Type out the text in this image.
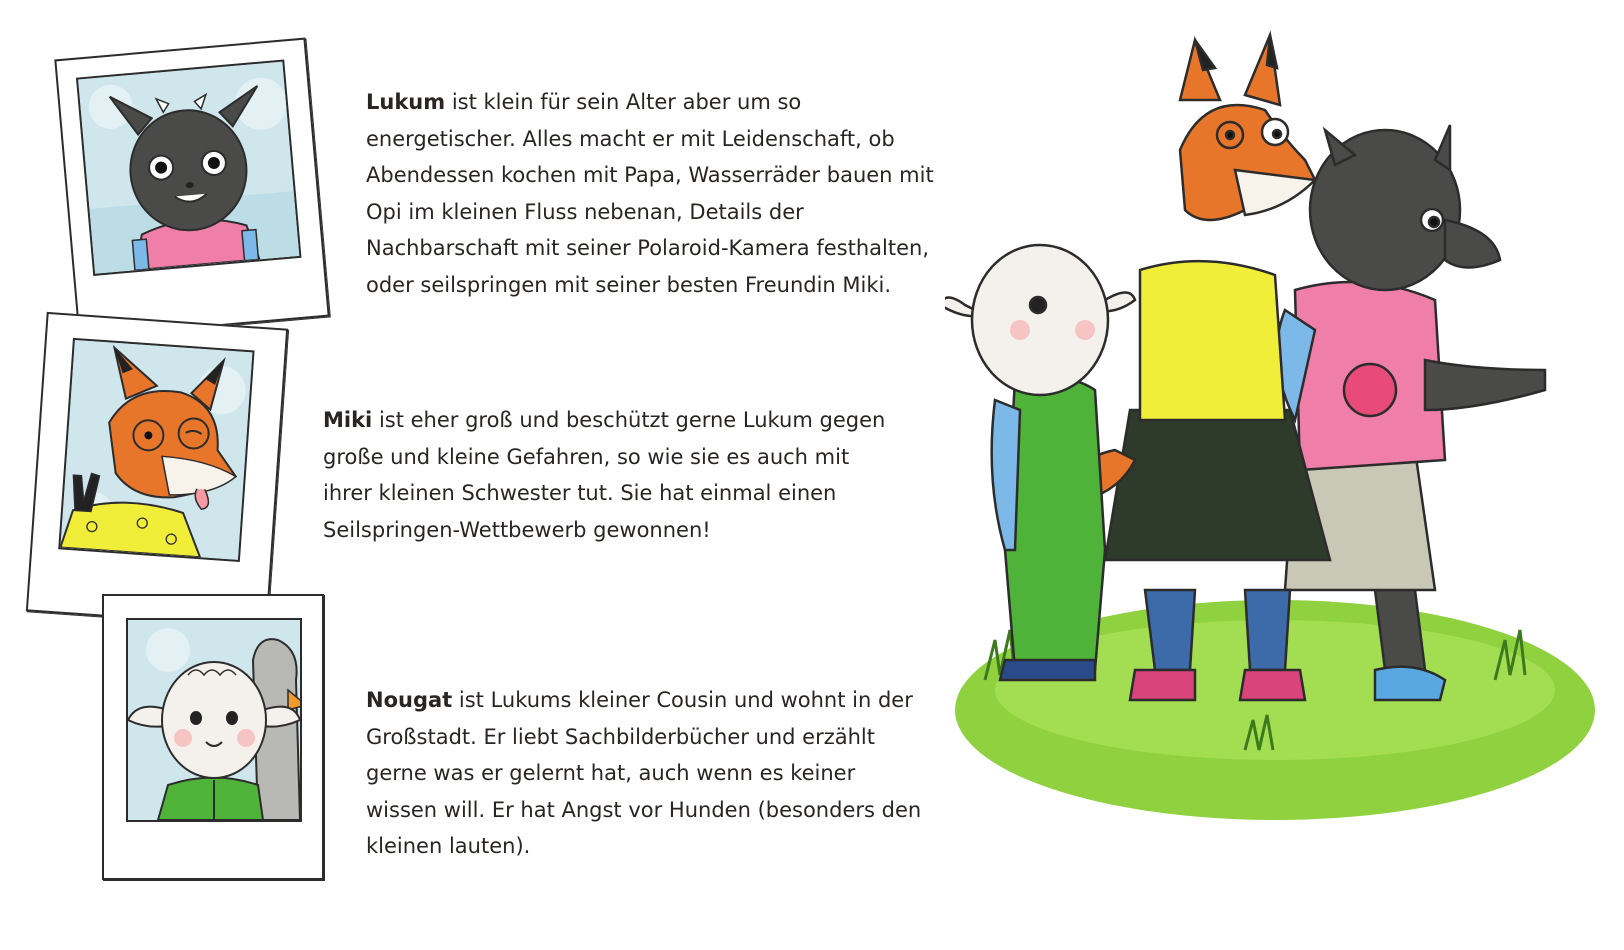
Lukum ist klein für sein Alter aber um so energetischer. Alles macht er mit Leidenschaft, ob Abendessen kochen mit Papa, Wasserräder bauen mit Opi im kleinen Fluss nebenan, Details der Nachbarschaft mit seiner Polaroid-Kamera festhalten, oder seilspringen mit seiner besten Freundin Miki.
Miki ist eher groß und beschützt gerne Lukum gegen große und kleine Gefahren, so wie sie es auch mit ihrer kleinen Schwester tut. Sie hat einmal einen Seilspringen-Wettbewerb gewonnen!
Nougat ist Lukums kleiner Cousin und wohnt in der Großstadt. Er liebt Sachbilderbücher und erzählt gerne was er gelernt hat, auch wenn es keiner wissen will. Er hat Angst vor Hunden (besonders den kleinen lauten).
